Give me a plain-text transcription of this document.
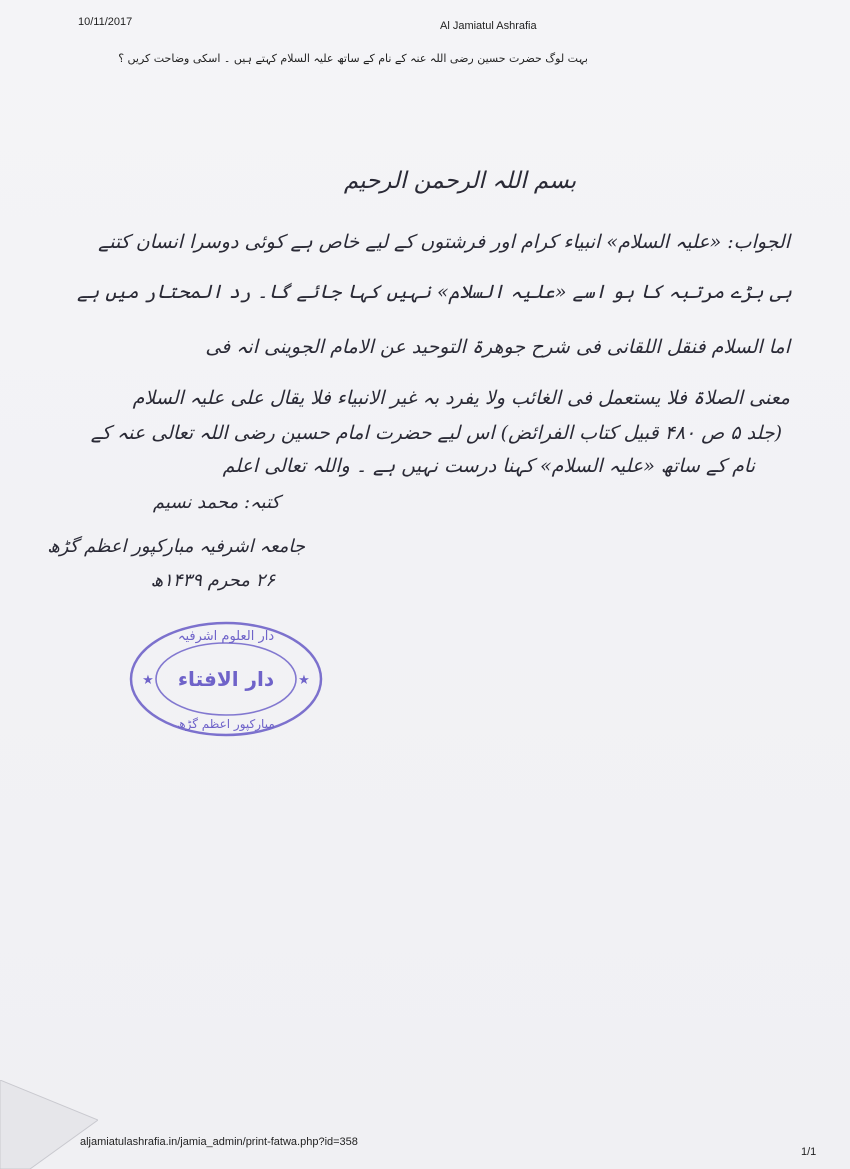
10/11/2017	Al Jamiatul Ashrafia
بہت لوگ حضرت حسین رضی اللہ عنہ کے نام کے ساتھ علیہ السلام کہتے ہیں ۔ اسکی وضاحت کریں ؟
بسم اللہ الرحمن الرحیم
الجواب: «علیہ السلام» انبیاء کرام اور فرشتوں کے لیے خاص ہے کوئی دوسرا انسان کتنے
ہی بڑے مرتبہ کا ہو اسے «علیہ السلام» نہیں کہا جائے گا۔ رد المحتار میں ہے
اما السلام فنقل اللقانی فی شرح جوھرۃ التوحید عن الامام الجوینی انہ فی
معنی الصلاۃ فلا یستعمل فی الغائب ولا یفرد بہ غیر الانبیاء فلا یقال علی علیہ السلام
(جلد ۵ ص ۴۸۰ قبیل کتاب الفرائض) اس لیے حضرت امام حسین رضی اللہ تعالی عنہ کے
نام کے ساتھ «علیہ السلام» کہنا درست نہیں ہے ۔ واللہ تعالی اعلم
کتبہ: محمد نسیم
جامعہ اشرفیہ مبارکپور اعظم گڑھ
۲۶ محرم ۱۴۳۹ھ
دار العلوم اشرفیہ
دار الافتاء
مبارکپور اعظم گڑھ
★	★
aljamiatulashrafia.in/jamia_admin/print-fatwa.php?id=358
1/1
